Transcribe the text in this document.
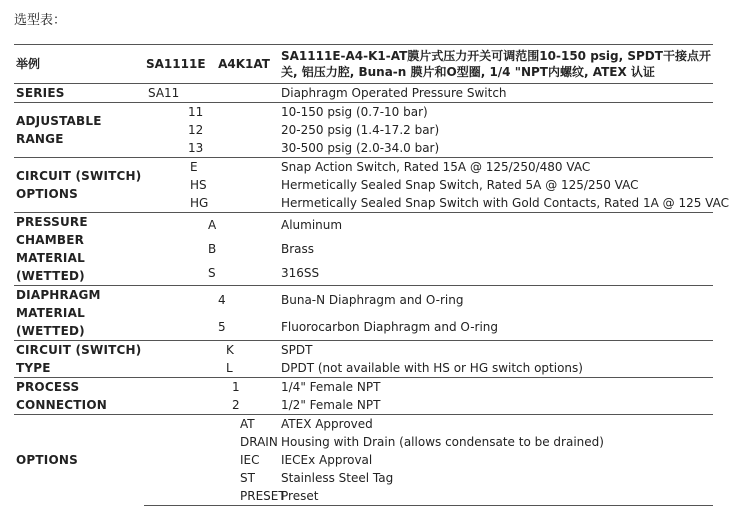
选型表：
举例	SA1111E A4K1AT	SA1111E-A4-K1-AT膜片式压力开关可调范围10-150 psig, SPDT干接点开关, 铝压力腔, Buna-n 膜片和O型圈, 1/4 "NPT内螺纹, ATEX 认证
SERIES	SA11	Diaphragm Operated Pressure Switch
ADJUSTABLE RANGE	11	10-150 psig (0.7-10 bar)
	12	20-250 psig (1.4-17.2 bar)
	13	30-500 psig (2.0-34.0 bar)
CIRCUIT (SWITCH) OPTIONS	E	Snap Action Switch, Rated 15A @ 125/250/480 VAC
	HS	Hermetically Sealed Snap Switch, Rated 5A @ 125/250 VAC
	HG	Hermetically Sealed Snap Switch with Gold Contacts, Rated 1A @ 125 VAC
PRESSURE CHAMBER MATERIAL (WETTED)	A	Aluminum
	B	Brass
	S	316SS
DIAPHRAGM MATERIAL (WETTED)	4	Buna-N Diaphragm and O-ring
	5	Fluorocarbon Diaphragm and O-ring
CIRCUIT (SWITCH) TYPE	K	SPDT
	L	DPDT (not available with HS or HG switch options)
PROCESS CONNECTION	1	1/4" Female NPT
	2	1/2" Female NPT
OPTIONS	AT	ATEX Approved
	DRAIN	Housing with Drain (allows condensate to be drained)
	IEC	IECEx Approval
	ST	Stainless Steel Tag
	PRESET	Preset
